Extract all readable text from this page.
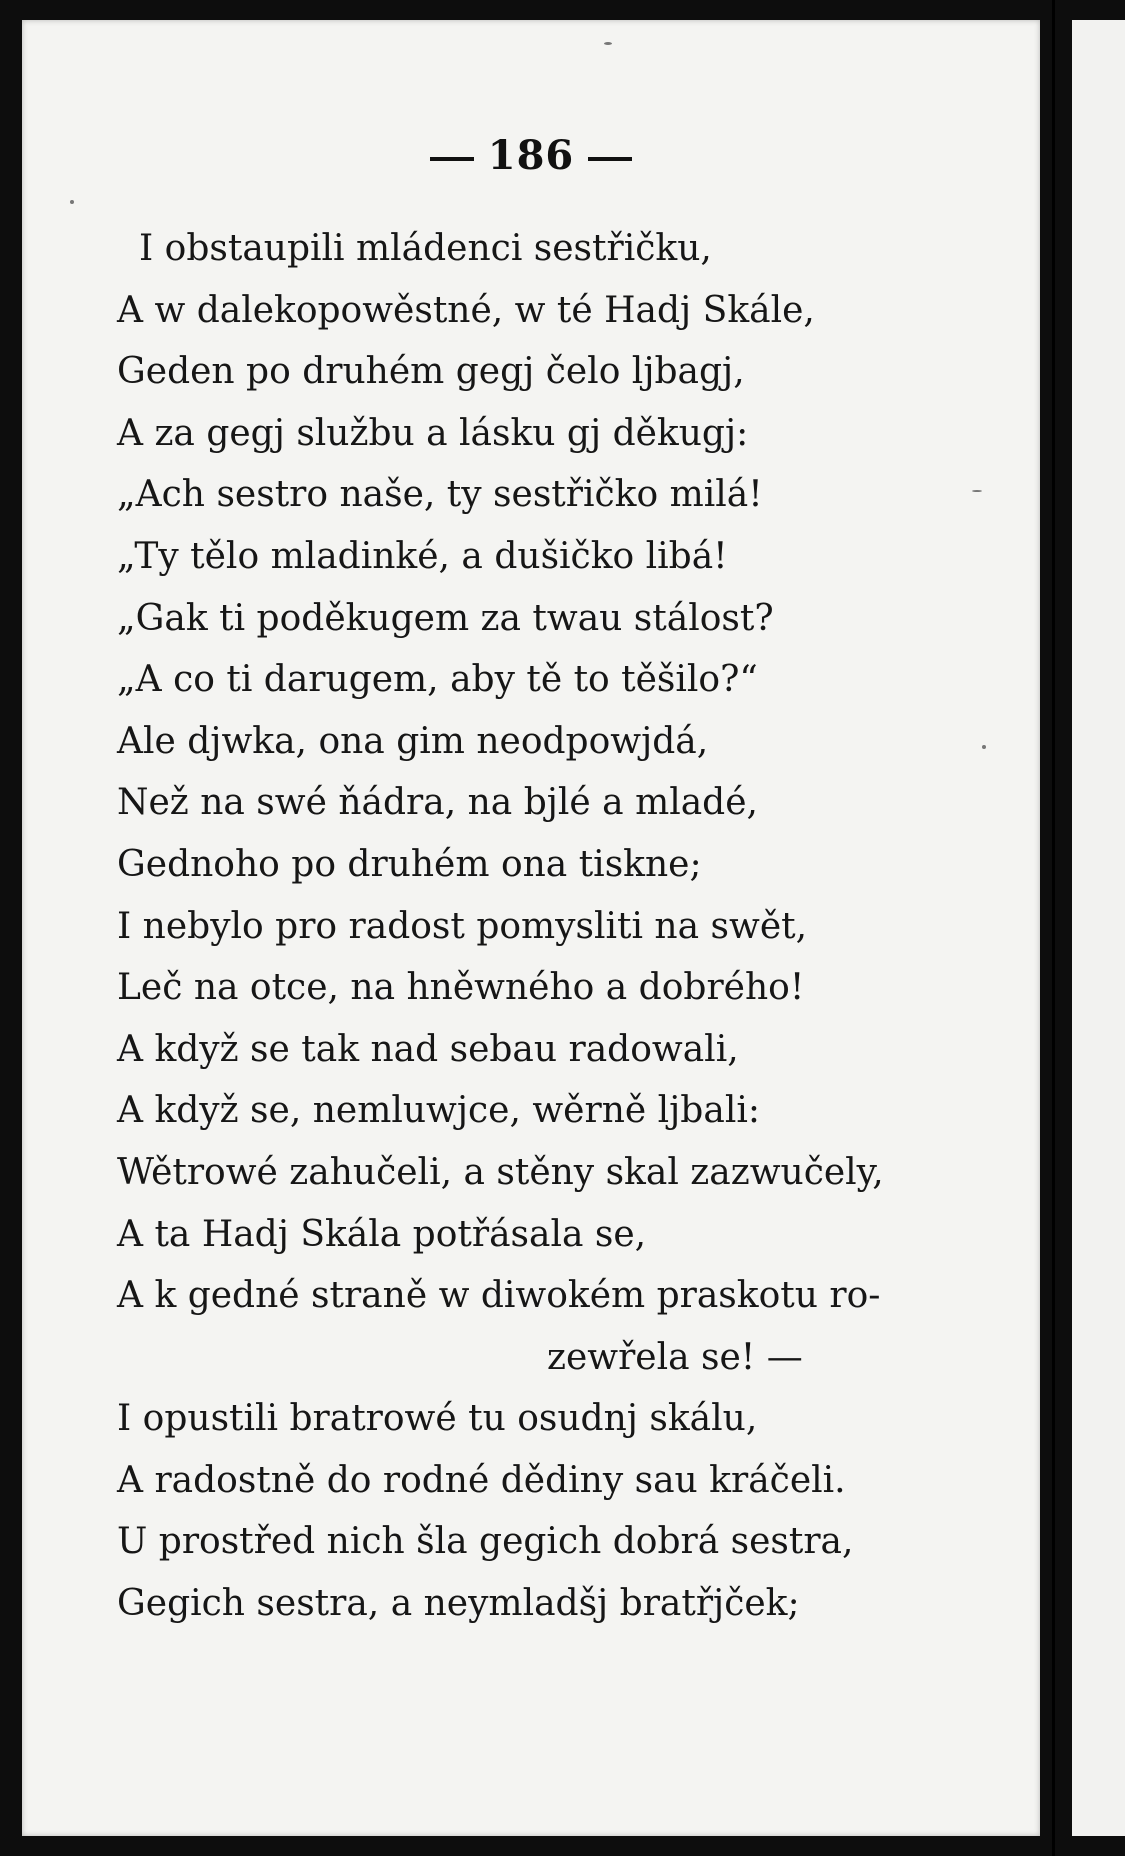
186
I obstaupili mládenci sestřičku,
A w dalekopowěstné, w té Hadj Skále,
Geden po druhém gegj čelo ljbagj,
A za gegj službu a lásku gj děkugj:
„Ach sestro naše, ty sestřičko milá!
„Ty tělo mladinké, a dušičko libá!
„Gak ti poděkugem za twau stálost?
„A co ti darugem, aby tě to těšilo?“
Ale djwka, ona gim neodpowjdá,
Než na swé ňádra, na bjlé a mladé,
Gednoho po druhém ona tiskne;
I nebylo pro radost pomysliti na swět,
Leč na otce, na hněwného a dobrého!
A když se tak nad sebau radowali,
A když se, nemluwjce, wěrně ljbali:
Wětrowé zahučeli, a stěny skal zazwučely,
A ta Hadj Skála potřásala se,
A k gedné straně w diwokém praskotu ro-
zewřela se! —
I opustili bratrowé tu osudnj skálu,
A radostně do rodné dědiny sau kráčeli.
U prostřed nich šla gegich dobrá sestra,
Gegich sestra, a neymladšj bratřjček;
